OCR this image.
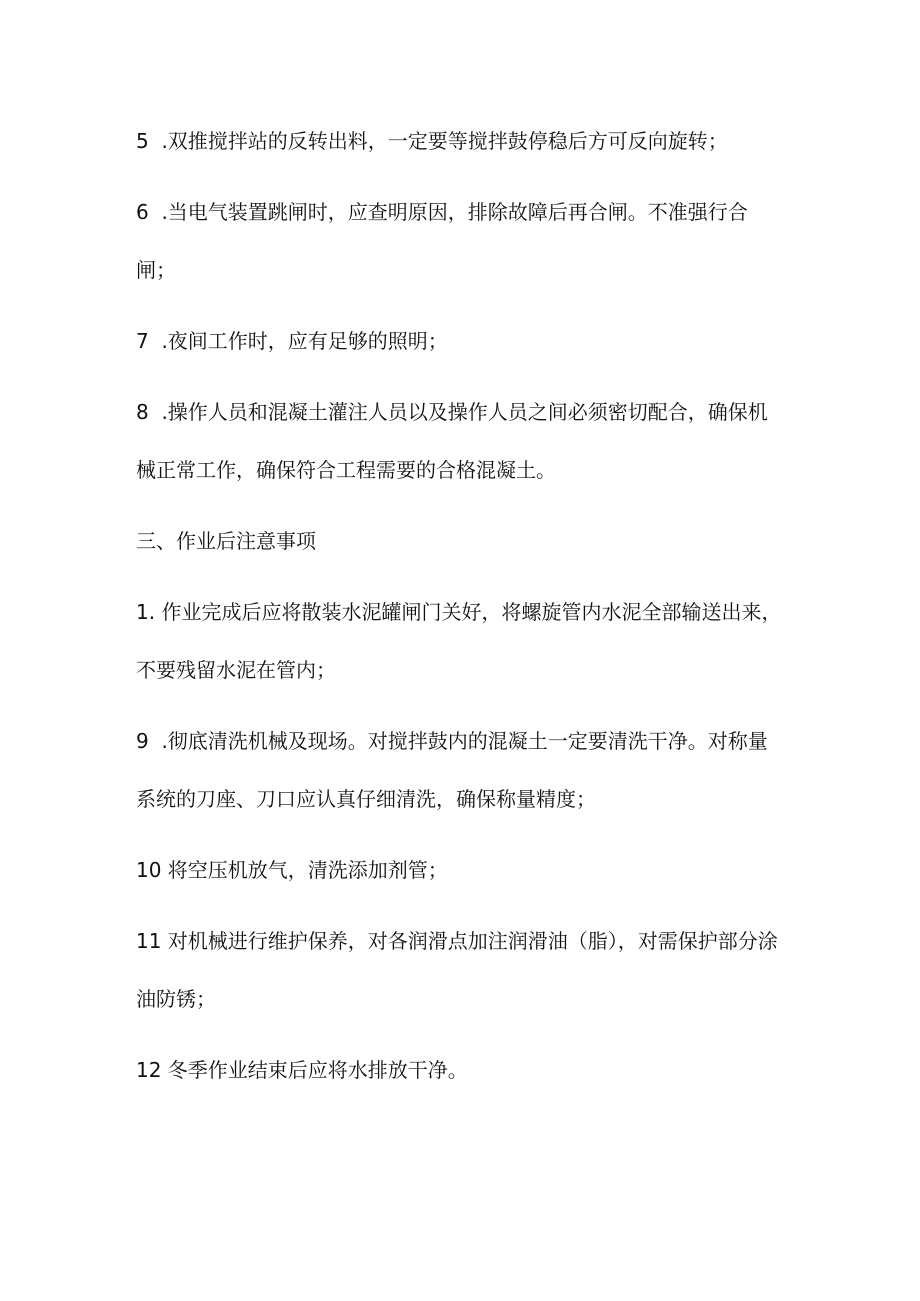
5  .双推搅拌站的反转出料，一定要等搅拌鼓停稳后方可反向旋转；

6  .当电气装置跳闸时，应查明原因，排除故障后再合闸。不准强行合闸；

7  .夜间工作时，应有足够的照明；

8  .操作人员和混凝土灌注人员以及操作人员之间必须密切配合，确保机械正常工作，确保符合工程需要的合格混凝土。

三、作业后注意事项

1. 作业完成后应将散装水泥罐闸门关好，将螺旋管内水泥全部输送出来，不要残留水泥在管内；

9  .彻底清洗机械及现场。对搅拌鼓内的混凝土一定要清洗干净。对称量系统的刀座、刀口应认真仔细清洗，确保称量精度；

10 将空压机放气，清洗添加剂管；

11 对机械进行维护保养，对各润滑点加注润滑油（脂），对需保护部分涂油防锈；

12 冬季作业结束后应将水排放干净。
